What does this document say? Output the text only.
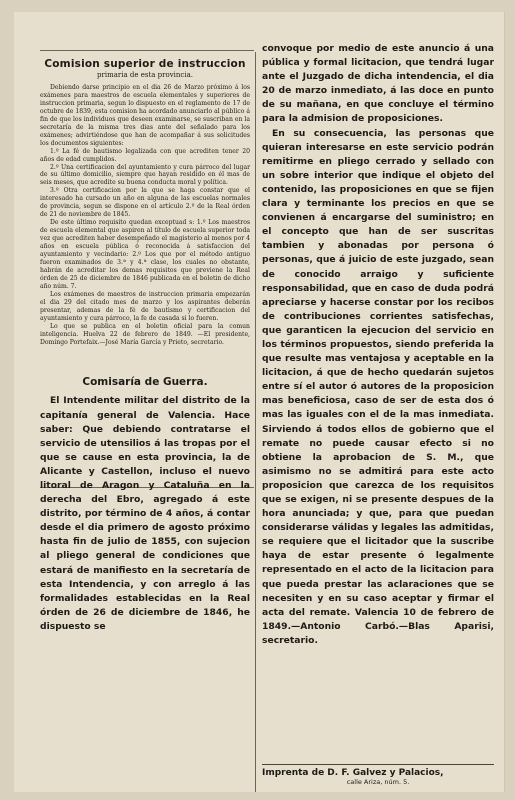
Comision superior de instruccion
primaria de esta provincia.

Debiendo darse principio en el dia 26 de Marzo próximo á los exámenes para maestros de escuela elementales y superiores de instruccion primaria, segun lo dispuesto en el reglamento de 17 de octubre de 1839, esta comision ha acordado anunciarlo al público á fin de que los individuos que deseen examinarse, se suscriban en la secretaría de la misma tres dias ante del señalado para los exámenes; advirtiéndose que han de acompañar á sus solicitudes los documentos siguientes:

1.º La fé de bautismo legalizada con que acrediten tener 20 años de edad cumplidos.

2.º Una certificacion del ayuntamiento y cura párroco del lugar de su último domicilio, siempre que hayan residido en él mas de seis meses, que acredite su buena conducta moral y política.

3.º Otra certificacion por la que se haga constar que el interesado ha cursado un año en alguna de las escuelas normales de provincia, segun se dispone en el artículo 2.º de la Real órden de 21 de noviembre de 1845.

De este último requisito quedan exceptuad s: 1.º Los maestros de escuela elemental que aspiren al título de escuela superior toda vez que acrediten haber desempeñado el magisterio al menos por 4 años en escuela pública ó reconocida á satisfaccion del ayuntamiento y vecindario: 2.º Los que por el método antiguo fueron examinados de 3.ª y 4.ª clase, los cuales no obstante, habrán de acreditar los demas requisitos que previene la Real órden de 25 de diciembre de 1846 publicada en el boletin de dicho año núm. 7.

Los exámenes de maestros de instruccion primaria empezarán el dia 29 del citado mes de marzo y los aspirantes deberán presentar, ademas de la fé de bautismo y certificacion del ayuntamiento y cura párroco, la fe de casada si lo fueren.

Lo que se publica en el boletin oficial para la comun inteligencia. Huelva 22 de febrero de 1849. —El presidente, Domingo Portefaix.—José María García y Prieto, secretario.

Comisaría de Guerra.

El Intendente militar del distrito de la capitanía general de Valencia. Hace saber: Que debiendo contratarse el servicio de utensilios á las tropas por el que se cause en esta provincia, la de Alicante y Castellon, incluso el nuevo litoral de Aragon y Cataluña en la derecha del Ebro, agregado á este distrito, por término de 4 años, á contar desde el dia primero de agosto próximo hasta fin de julio de 1855, con sujecion al pliego general de condiciones que estará de manifiesto en la secretaría de esta Intendencia, y con arreglo á las formalidades establecidas en la Real órden de 26 de diciembre de 1846, he dispuesto se

convoque por medio de este anuncio á una pública y formal licitacion, que tendrá lugar ante el Juzgado de dicha intendencia, el dia 20 de marzo inmediato, á las doce en punto de su mañana, en que concluye el término para la admision de proposiciones.

En su consecuencia, las personas que quieran interesarse en este servicio podrán remitirme en pliego cerrado y sellado con un sobre interior que indique el objeto del contenido, las proposiciones en que se fijen clara y terminante los precios en que se convienen á encargarse del suministro; en el concepto que han de ser suscritas tambien y abonadas por persona ó personas, que á juicio de este juzgado, sean de conocido arraigo y suficiente responsabilidad, que en caso de duda podrá apreciarse y hacerse constar por los recibos de contribuciones corrientes satisfechas, que garanticen la ejecucion del servicio en los términos propuestos, siendo preferida la que resulte mas ventajosa y aceptable en la licitacion, á que de hecho quedarán sujetos entre sí el autor ó autores de la proposicion mas beneficiosa, caso de ser de esta dos ó mas las iguales con el de la mas inmediata. Sirviendo á todos ellos de gobierno que el remate no puede causar efecto si no obtiene la aprobacion de S. M., que asimismo no se admitirá para este acto proposicion que carezca de los requisitos que se exigen, ni se presente despues de la hora anunciada; y que, para que puedan considerarse válidas y legales las admitidas, se requiere que el licitador que la suscribe haya de estar presente ó legalmente representado en el acto de la licitacion para que pueda prestar las aclaraciones que se necesiten y en su caso aceptar y firmar el acta del remate. Valencia 10 de febrero de 1849.—Antonio Carbó.—Blas Aparisi, secretario.

Imprenta de D. F. Galvez y Palacios,

calle Ariza, núm. 5.
